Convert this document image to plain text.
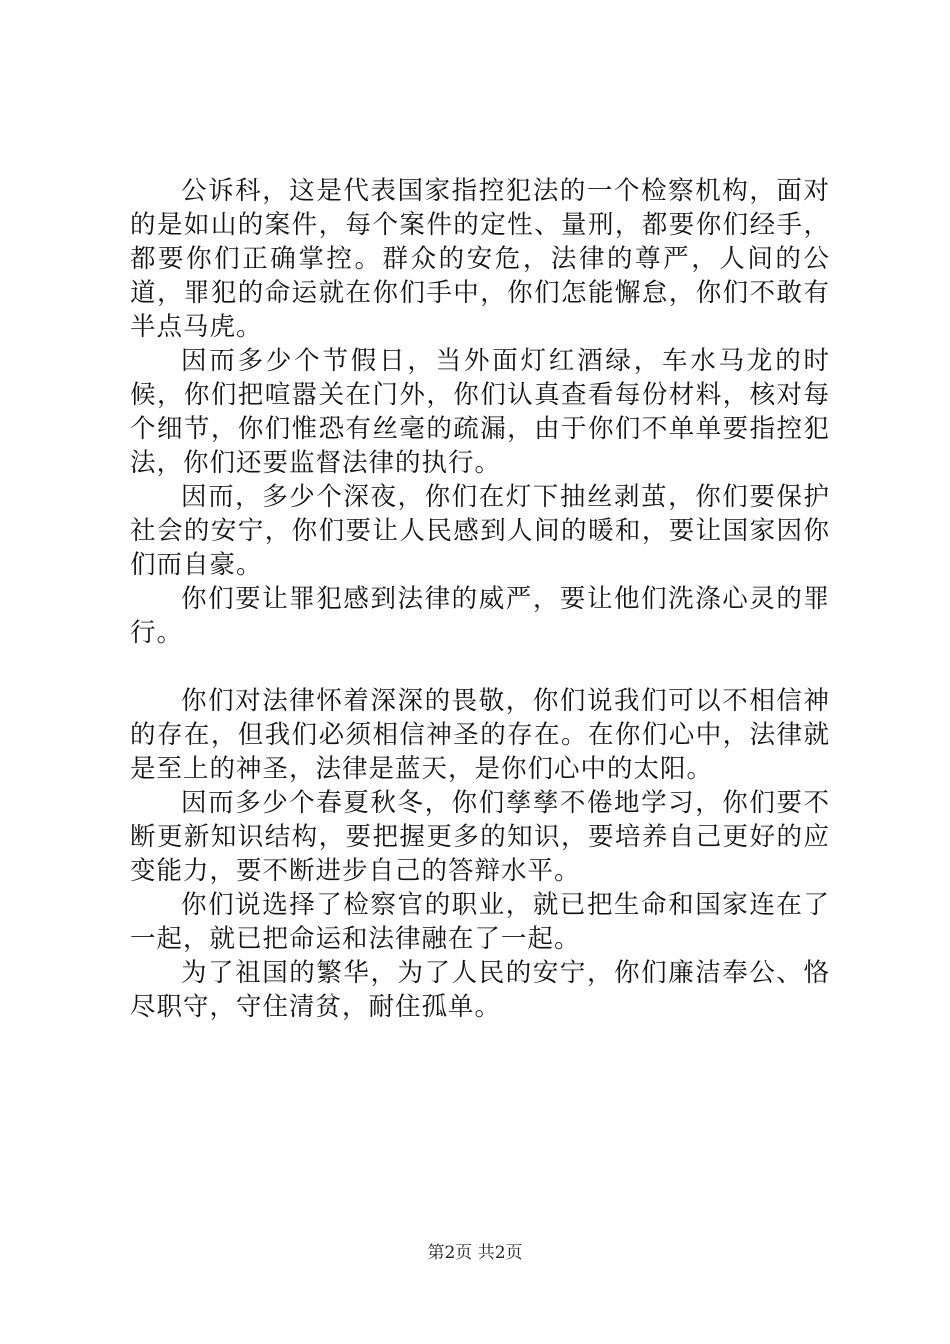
公诉科，这是代表国家指控犯法的一个检察机构，面对的是如山的案件，每个案件的定性、量刑，都要你们经手，都要你们正确掌控。群众的安危，法律的尊严，人间的公道，罪犯的命运就在你们手中，你们怎能懈怠，你们不敢有半点马虎。

因而多少个节假日，当外面灯红酒绿，车水马龙的时候，你们把喧嚣关在门外，你们认真查看每份材料，核对每个细节，你们惟恐有丝毫的疏漏，由于你们不单单要指控犯法，你们还要监督法律的执行。

因而，多少个深夜，你们在灯下抽丝剥茧，你们要保护社会的安宁，你们要让人民感到人间的暖和，要让国家因你们而自豪。

你们要让罪犯感到法律的威严，要让他们洗涤心灵的罪行。

你们对法律怀着深深的畏敬，你们说我们可以不相信神的存在，但我们必须相信神圣的存在。在你们心中，法律就是至上的神圣，法律是蓝天，是你们心中的太阳。

因而多少个春夏秋冬，你们孳孳不倦地学习，你们要不断更新知识结构，要把握更多的知识，要培养自己更好的应变能力，要不断进步自己的答辩水平。

你们说选择了检察官的职业，就已把生命和国家连在了一起，就已把命运和法律融在了一起。

为了祖国的繁华，为了人民的安宁，你们廉洁奉公、恪尽职守，守住清贫，耐住孤单。

第2页 共2页
